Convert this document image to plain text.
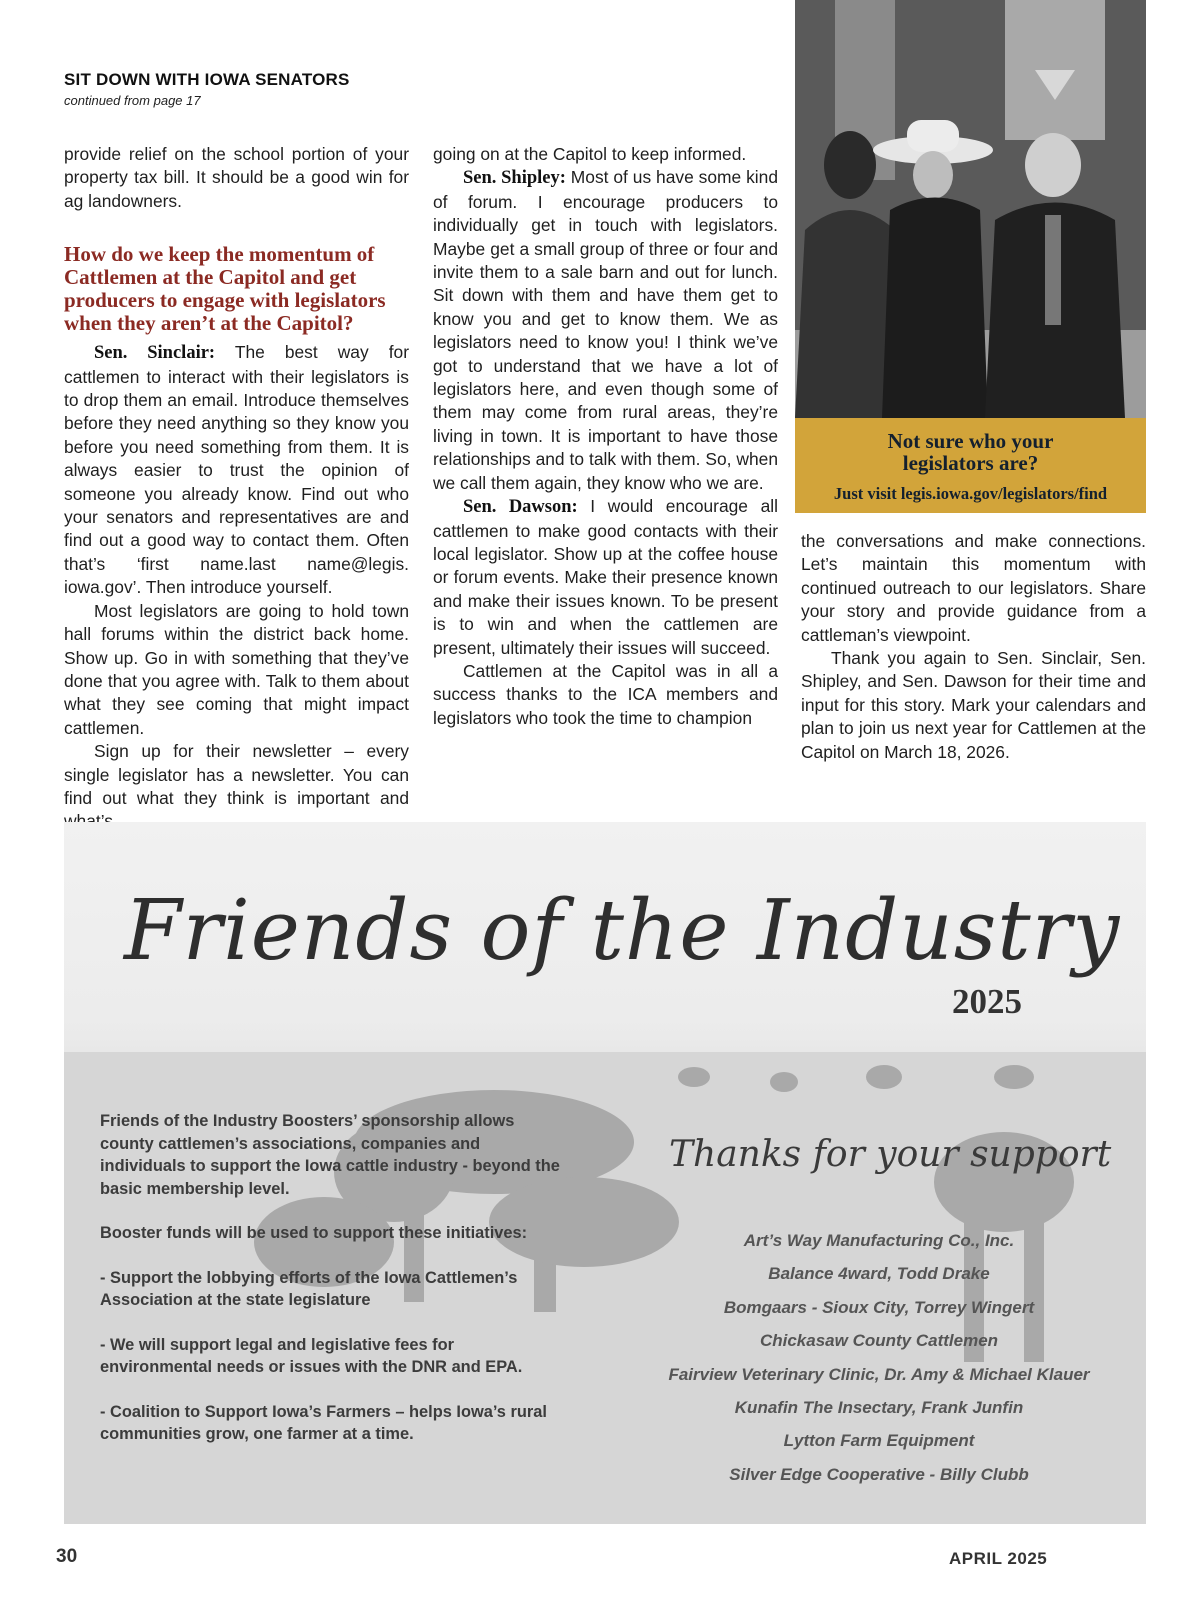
SIT DOWN WITH IOWA SENATORS
continued from page 17

provide relief on the school portion of your property tax bill. It should be a good win for ag landowners.

How do we keep the momentum of Cattlemen at the Capitol and get producers to engage with legislators when they aren’t at the Capitol?

Sen. Sinclair: The best way for cattlemen to interact with their legislators is to drop them an email. Introduce themselves before they need anything so they know you before you need something from them. It is always easier to trust the opinion of someone you already know. Find out who your senators and representatives are and find out a good way to contact them. Often that’s ‘first name.last name@legis. iowa.gov’. Then introduce yourself.

Most legislators are going to hold town hall forums within the district back home. Show up. Go in with something that they’ve done that you agree with. Talk to them about what they see coming that might impact cattlemen.

Sign up for their newsletter – every single legislator has a newsletter. You can find out what they think is important and

going on at the Capitol to keep informed.

Sen. Shipley: Most of us have some kind of forum. I encourage producers to individually get in touch with legislators. Maybe get a small group of three or four and invite them to a sale barn and out for lunch. Sit down with them and have them get to know you and get to know them. We as legislators need to know you! I think we’ve got to understand that we have a lot of legislators here, and even though some of them may come from rural areas, they’re living in town. It is important to have those relationships and to talk with them. So, when we call them again, they know who we are.

Sen. Dawson: I would encourage all cattlemen to make good contacts with their local legislator. Show up at the coffee house or forum events. Make their presence known and make their issues known. To be present is to win and when the cattlemen are present, ultimately their issues will succeed.

Cattlemen at the Capitol was in all a success thanks to the ICA members and legislators who took the time to champion

Not sure who your
legislators are?
Just visit legis.iowa.gov/legislators/find

the conversations and make connections. Let’s maintain this momentum with continued outreach to our legislators. Share your story and provide guidance from a cattleman’s viewpoint.

Thank you again to Sen. Sinclair, Sen. Shipley, and Sen. Dawson for their time and input for this story. Mark your calendars and plan to join us next year for Cattlemen at the Capitol on March 18, 2026.

Friends of the Industry
2025

Friends of the Industry Boosters’ sponsorship allows county cattlemen’s associations, companies and individuals to support the Iowa cattle industry - beyond the basic membership level.

Booster funds will be used to support these initiatives:

- Support the lobbying efforts of the Iowa Cattlemen’s Association at the state legislature

- We will support legal and legislative fees for environmental needs or issues with the DNR and EPA.

- Coalition to Support Iowa’s Farmers – helps Iowa’s rural communities grow, one farmer at a time.

Thanks for your support
Art’s Way Manufacturing Co., Inc.
Balance 4ward, Todd Drake
Bomgaars - Sioux City, Torrey Wingert
Chickasaw County Cattlemen
Fairview Veterinary Clinic, Dr. Amy & Michael Klauer
Kunafin The Insectary, Frank Junfin
Lytton Farm Equipment
Silver Edge Cooperative - Billy Clubb
30	APRIL 2025
